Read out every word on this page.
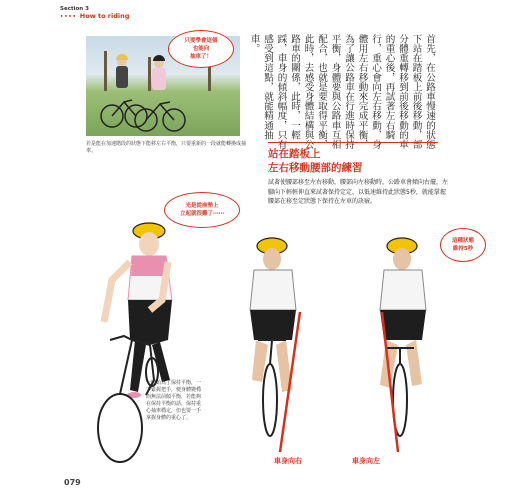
Section 3
•••• How to riding
只要學會這個
也能向
抽車了！
若是能在加速階段的狀態下能移左右平衡，只要重新的一段就能轉換成抽車。
首先，在公路車慢速的狀態下站在踏板上前後移動，部分體重轉移到前後移動的車的重心後，再試著左右騎行，重心會向左右移動，身體用左右移動來完成平衡，為了讓公路車在行進時保持平衡，身體要與公路車互相配合，也就是要取得平衡，此時，去感受身體結構與公路車的關係，此時，一輕踩，車身的傾斜幅度，只有感受到這點，就能精通抽車。
站在踏板上
左右移動腰部的練習
試著使腰部移至左右移動，腰部向左移動時，公路車會傾向右擺，左腳向下輕輕伸直來試著保持定定，以低速維持此狀態5秒，就能掌握腰部在移至定狀態下保持在左車的訣竅。
光是從座墊上
立起就很難了⋯⋯
這種狀態
維持5秒
一開始為了保持平衡，一手緊握把手，便身體變穩而無法前傾平衡，若能夠在保持平衡的話，保持重心抽車穩定，但也要一手掌握身體的重心了。
車身向右	車身向左
079
